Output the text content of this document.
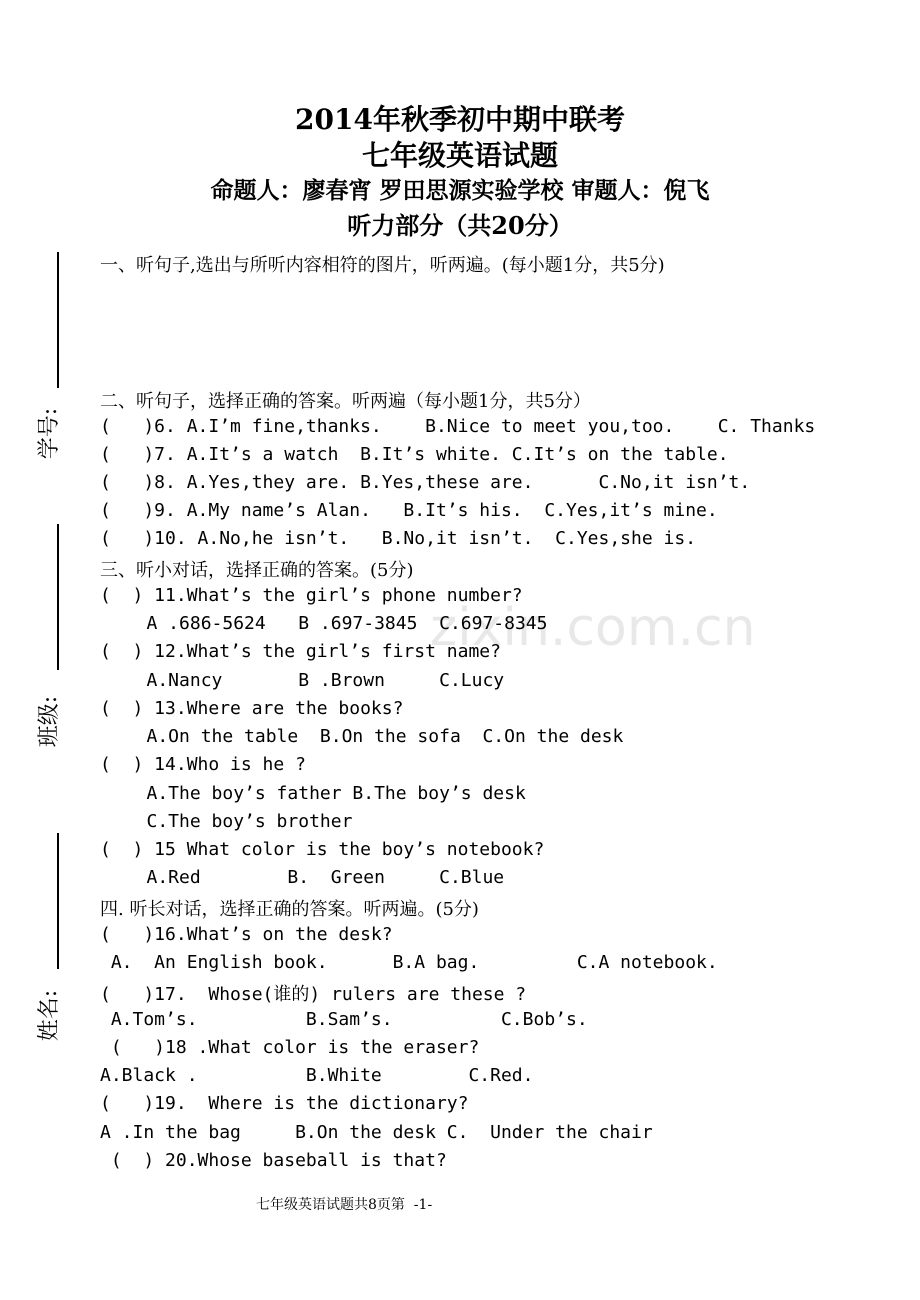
2014年秋季初中期中联考
七年级英语试题
命题人：廖春宵 罗田思源实验学校 审题人：倪飞
听力部分（共20分）
学号:
班级:
姓名:
zixin.com.cn
一、听句子,选出与所听内容相符的图片，听两遍。(每小题1分，共5分)
二、听句子，选择正确的答案。听两遍（每小题1分，共5分）
(   )6. A.I’m fine,thanks.    B.Nice to meet you,too.    C. Thanks
(   )7. A.It’s a watch  B.It’s white. C.It’s on the table.
(   )8. A.Yes,they are. B.Yes,these are.      C.No,it isn’t.
(   )9. A.My name’s Alan.   B.It’s his.  C.Yes,it’s mine.
(   )10. A.No,he isn’t.   B.No,it isn’t.  C.Yes,she is.
三、听小对话，选择正确的答案。(5分)
(  ) 11.What’s the girl’s phone number?
A .686-5624   B .697-3845  C.697-8345
(  ) 12.What’s the girl’s first name?
A.Nancy       B .Brown     C.Lucy
(  ) 13.Where are the books?
A.On the table  B.On the sofa  C.On the desk
(  ) 14.Who is he ?
A.The boy’s father B.The boy’s desk
C.The boy’s brother
(  ) 15 What color is the boy’s notebook?
A.Red        B.  Green     C.Blue
四. 听长对话，选择正确的答案。听两遍。(5分)
(   )16.What’s on the desk?
A.  An English book.      B.A bag.         C.A notebook.
(   )17.  Whose(谁的) rulers are these ?
A.Tom’s.          B.Sam’s.          C.Bob’s.
(   )18 .What color is the eraser?
A.Black .          B.White        C.Red.
(   )19.  Where is the dictionary?
A .In the bag     B.On the desk C.  Under the chair
(  ) 20.Whose baseball is that?
七年级英语试题共8页第  -1-
